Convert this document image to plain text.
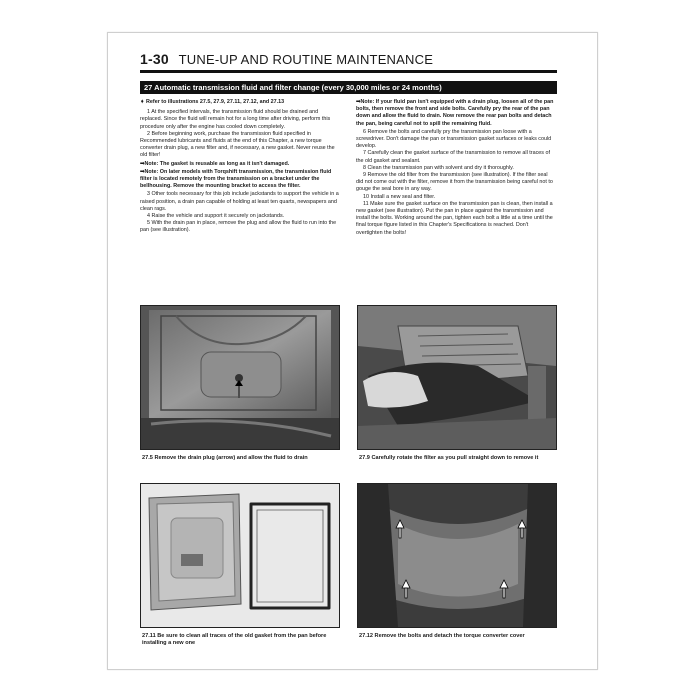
1-30 TUNE-UP AND ROUTINE MAINTENANCE
27 Automatic transmission fluid and filter change (every 30,000 miles or 24 months)

➧ Refer to illustrations 27.5, 27.9, 27.11, 27.12, and 27.13

1 At the specified intervals, the transmission fluid should be drained and replaced. Since the fluid will remain hot for a long time after driving, perform this procedure only after the engine has cooled down completely.

2 Before beginning work, purchase the transmission fluid specified in Recommended lubricants and fluids at the end of this Chapter, a new torque converter drain plug, a new filter and, if necessary, a new gasket. Never reuse the old filter!

➡Note: The gasket is reusable as long as it isn't damaged.

➡Note: On later models with Torqshift transmission, the transmission fluid filter is located remotely from the transmission on a bracket under the bellhousing. Remove the mounting bracket to access the filter.

3 Other tools necessary for this job include jackstands to support the vehicle in a raised position, a drain pan capable of holding at least ten quarts, newspapers and clean rags.

4 Raise the vehicle and support it securely on jackstands.

5 With the drain pan in place, remove the plug and allow the fluid to run into the pan (see illustration).

➡Note: If your fluid pan isn't equipped with a drain plug, loosen all of the pan bolts, then remove the front and side bolts. Carefully pry the rear of the pan down and allow the fluid to drain. Now remove the rear pan bolts and detach the pan, being careful not to spill the remaining fluid.

6 Remove the bolts and carefully pry the transmission pan loose with a screwdriver. Don't damage the pan or transmission gasket surfaces or leaks could develop.

7 Carefully clean the gasket surface of the transmission to remove all traces of the old gasket and sealant.

8 Clean the transmission pan with solvent and dry it thoroughly.

9 Remove the old filter from the transmission (see illustration). If the filter seal did not come out with the filter, remove it from the transmission being careful not to gouge the seal bore in any way.

10 Install a new seal and filter.

11 Make sure the gasket surface on the transmission pan is clean, then install a new gasket (see illustration). Put the pan in place against the transmission and install the bolts. Working around the pan, tighten each bolt a little at a time until the final torque figure listed in this Chapter's Specifications is reached. Don't overtighten the bolts!

27.5 Remove the drain plug (arrow) and allow the fluid to drain	27.9 Carefully rotate the filter as you pull straight down to remove it
27.11 Be sure to clean all traces of the old gasket from the pan before installing a new one
27.12 Remove the bolts and detach the torque converter cover
